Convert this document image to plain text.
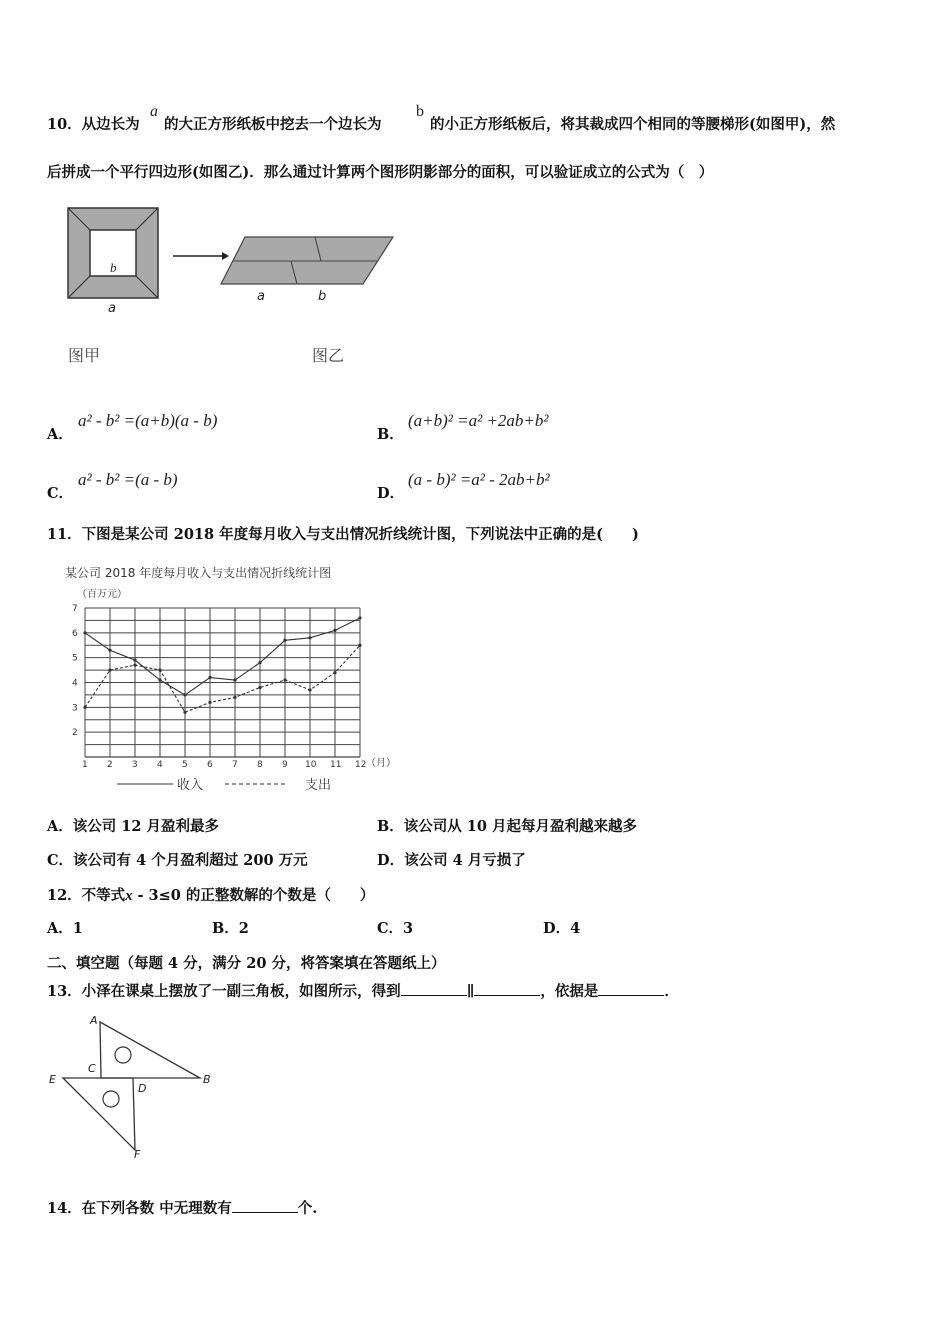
10．从边长为
a
的大正方形纸板中挖去一个边长为
b
的小正方形纸板后，将其裁成四个相同的等腰梯形(如图甲)，然
后拼成一个平行四边形(如图乙)．那么通过计算两个图形阴影部分的面积，可以验证成立的公式为（　）
b
a
图甲
a	b
图乙
A．
a² - b² =(a+b)(a - b)
B．
(a+b)² =a² +2ab+b²
C．
a² - b² =(a - b)
D．
(a - b)² =a² - 2ab+b²
11．下图是某公司 2018 年度每月收入与支出情况折线统计图，下列说法中正确的是(　　)
某公司 2018 年度每月收入与支出情况折线统计图
（百万元）
7
6
5
4
3
2
1 2 3 4 5 6 7 8 9 10 11 12 （月）
收入	支出
A．该公司 12 月盈利最多	B．该公司从 10 月起每月盈利越来越多
C．该公司有 4 个月盈利超过 200 万元	D．该公司 4 月亏损了
12．不等式x - 3≤0 的正整数解的个数是（　　）
A．1	B．2	C．3	D．4
二、填空题（每题 4 分，满分 20 分，将答案填在答题纸上）
13．小泽在课桌上摆放了一副三角板，如图所示，得到	∥	，依据是	．
A
B
C
D
E
F
14．在下列各数 中无理数有	个.
